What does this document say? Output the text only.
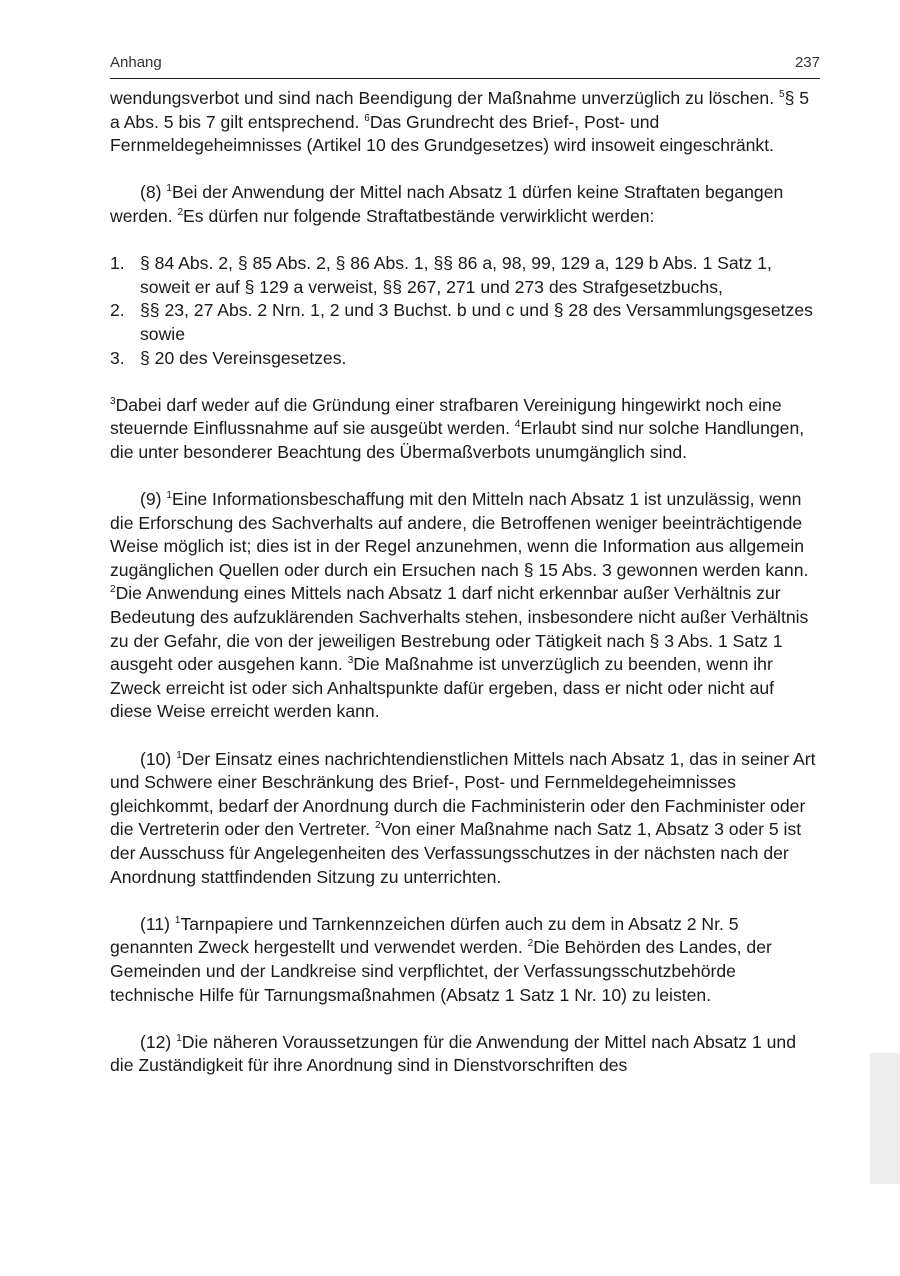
Anhang	237

wendungsverbot und sind nach Beendigung der Maßnahme unverzüglich zu löschen. $^5$§ 5 a Abs. 5 bis 7 gilt entsprechend. $^6$Das Grundrecht des Brief-, Post- und Fernmeldegeheimnisses (Artikel 10 des Grundgesetzes) wird insoweit eingeschränkt.

(8) $^1$Bei der Anwendung der Mittel nach Absatz 1 dürfen keine Straftaten begangen werden. $^2$Es dürfen nur folgende Straftatbestände verwirklicht werden:

1. § 84 Abs. 2, § 85 Abs. 2, § 86 Abs. 1, §§ 86 a, 98, 99, 129 a, 129 b Abs. 1 Satz 1, soweit er auf § 129 a verweist, §§ 267, 271 und 273 des Strafgesetzbuchs,
2. §§ 23, 27 Abs. 2 Nrn. 1, 2 und 3 Buchst. b und c und § 28 des Versammlungsgesetzes sowie
3. § 20 des Vereinsgesetzes.

$^3$Dabei darf weder auf die Gründung einer strafbaren Vereinigung hingewirkt noch eine steuernde Einflussnahme auf sie ausgeübt werden. $^4$Erlaubt sind nur solche Handlungen, die unter besonderer Beachtung des Übermaßverbots unumgänglich sind.

(9) $^1$Eine Informationsbeschaffung mit den Mitteln nach Absatz 1 ist unzulässig, wenn die Erforschung des Sachverhalts auf andere, die Betroffenen weniger beeinträchtigende Weise möglich ist; dies ist in der Regel anzunehmen, wenn die Information aus allgemein zugänglichen Quellen oder durch ein Ersuchen nach § 15 Abs. 3 gewonnen werden kann. $^2$Die Anwendung eines Mittels nach Absatz 1 darf nicht erkennbar außer Verhältnis zur Bedeutung des aufzuklärenden Sachverhalts stehen, insbesondere nicht außer Verhältnis zu der Gefahr, die von der jeweiligen Bestrebung oder Tätigkeit nach § 3 Abs. 1 Satz 1 ausgeht oder ausgehen kann. $^3$Die Maßnahme ist unverzüglich zu beenden, wenn ihr Zweck erreicht ist oder sich Anhaltspunkte dafür ergeben, dass er nicht oder nicht auf diese Weise erreicht werden kann.

(10) $^1$Der Einsatz eines nachrichtendienstlichen Mittels nach Absatz 1, das in seiner Art und Schwere einer Beschränkung des Brief-, Post- und Fernmeldegeheimnisses gleichkommt, bedarf der Anordnung durch die Fachministerin oder den Fachminister oder die Vertreterin oder den Vertreter. $^2$Von einer Maßnahme nach Satz 1, Absatz 3 oder 5 ist der Ausschuss für Angelegenheiten des Verfassungsschutzes in der nächsten nach der Anordnung stattfindenden Sitzung zu unterrichten.

(11) $^1$Tarnpapiere und Tarnkennzeichen dürfen auch zu dem in Absatz 2 Nr. 5 genannten Zweck hergestellt und verwendet werden. $^2$Die Behörden des Landes, der Gemeinden und der Landkreise sind verpflichtet, der Verfassungsschutzbehörde technische Hilfe für Tarnungsmaßnahmen (Absatz 1 Satz 1 Nr. 10) zu leisten.

(12) $^1$Die näheren Voraussetzungen für die Anwendung der Mittel nach Absatz 1 und die Zuständigkeit für ihre Anordnung sind in Dienstvorschriften des
